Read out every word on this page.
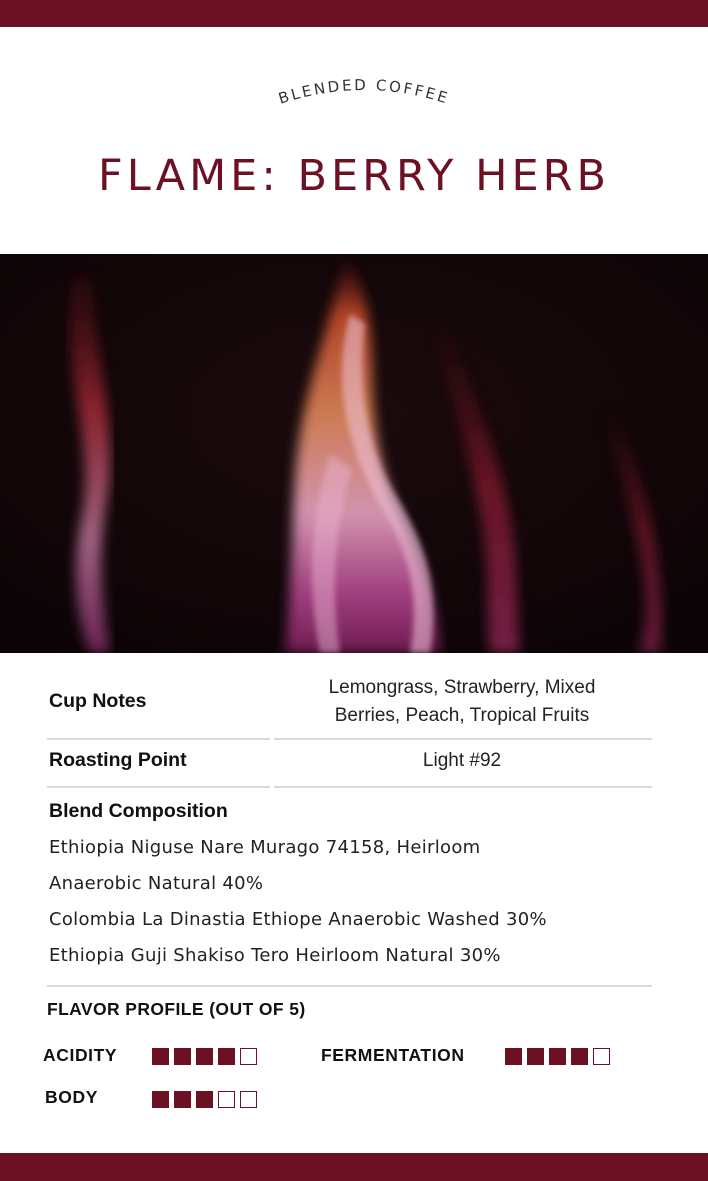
BLENDED COFFEE
FLAME: BERRY HERB
Cup Notes
Lemongrass, Strawberry, Mixed
Berries, Peach, Tropical Fruits
Roasting Point	Light #92
Blend Composition
Ethiopia Niguse Nare Murago 74158, Heirloom
Anaerobic Natural 40%
Colombia La Dinastia Ethiope Anaerobic Washed 30%
Ethiopia Guji Shakiso Tero Heirloom Natural 30%
FLAVOR PROFILE (OUT OF 5)
ACIDITY	FERMENTATION
BODY
